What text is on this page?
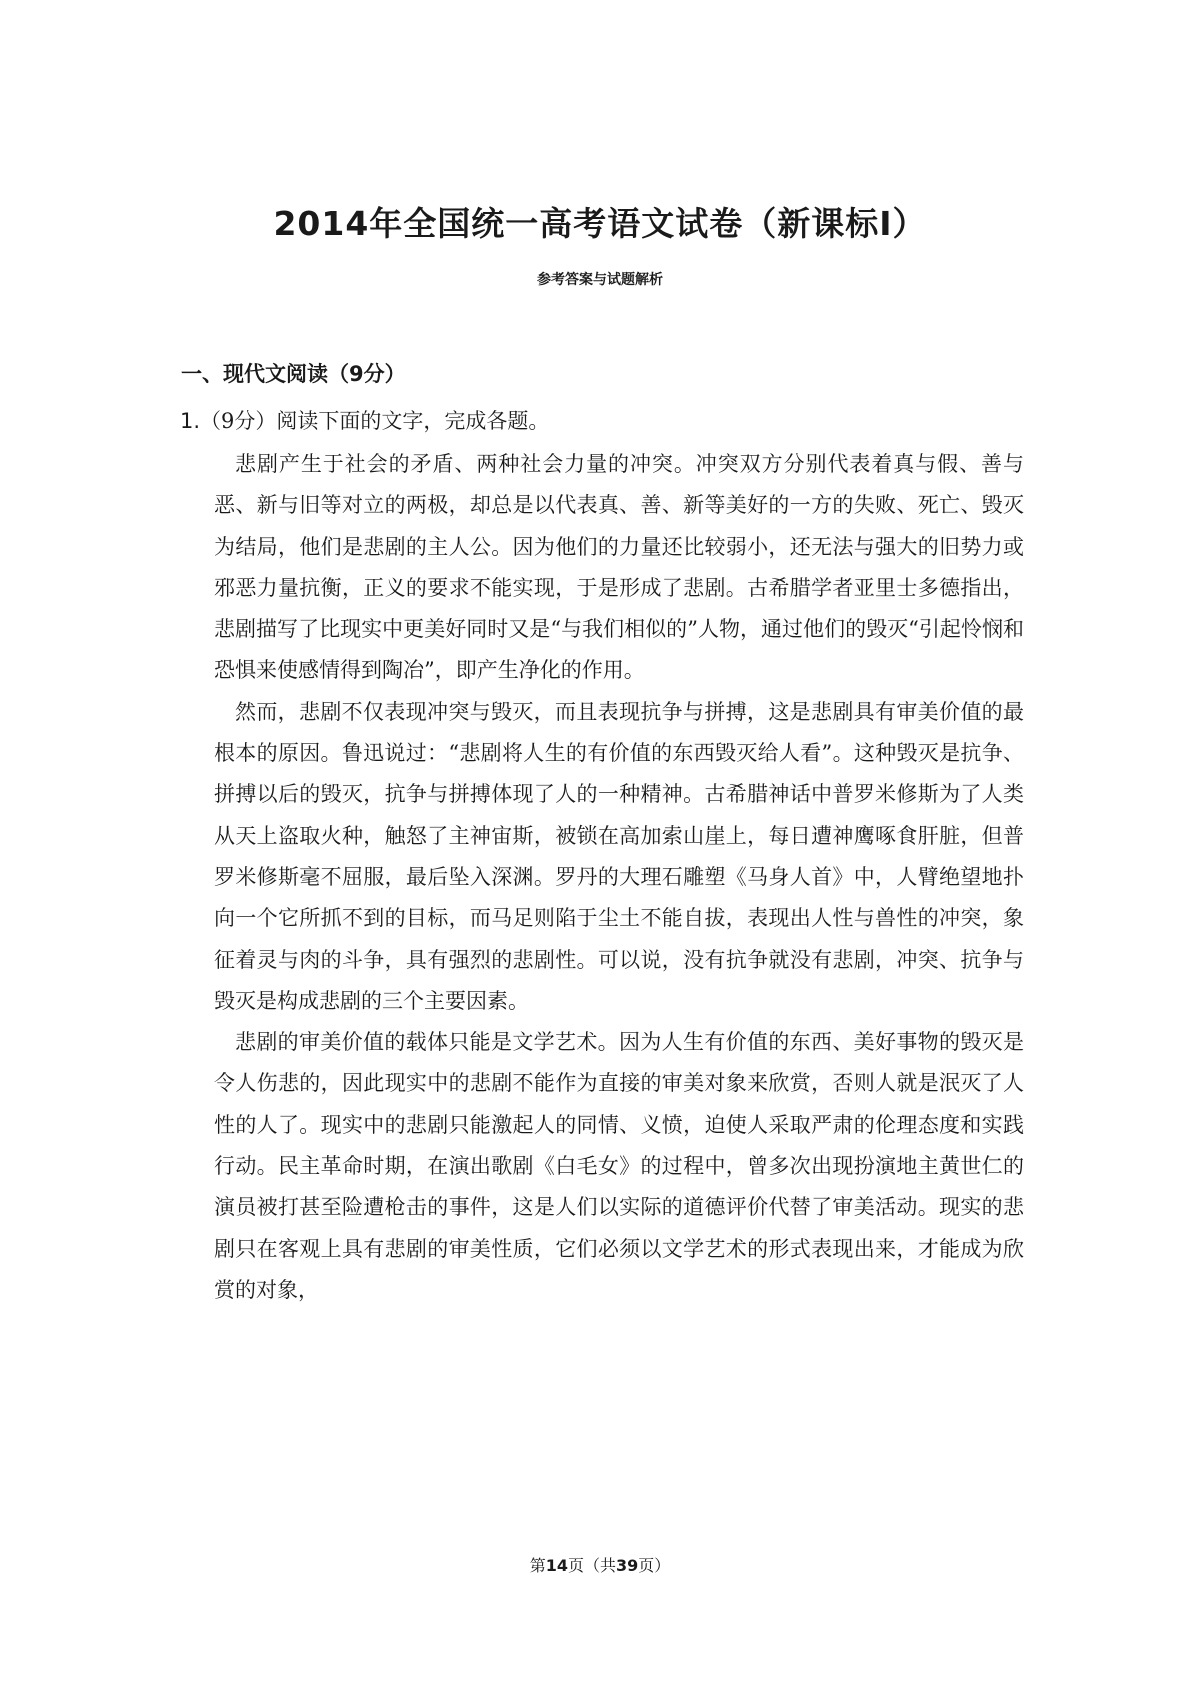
2014年全国统一高考语文试卷（新课标Ⅰ）
参考答案与试题解析
一、现代文阅读（9分）
1.（9分）阅读下面的文字，完成各题。

悲剧产生于社会的矛盾、两种社会力量的冲突。冲突双方分别代表着真与假、善与恶、新与旧等对立的两极，却总是以代表真、善、新等美好的一方的失败、死亡、毁灭为结局，他们是悲剧的主人公。因为他们的力量还比较弱小，还无法与强大的旧势力或邪恶力量抗衡，正义的要求不能实现，于是形成了悲剧。古希腊学者亚里士多德指出，悲剧描写了比现实中更美好同时又是“与我们相似的”人物，通过他们的毁灭“引起怜悯和恐惧来使感情得到陶冶”，即产生净化的作用。

然而，悲剧不仅表现冲突与毁灭，而且表现抗争与拼搏，这是悲剧具有审美价值的最根本的原因。鲁迅说过：“悲剧将人生的有价值的东西毁灭给人看”。这种毁灭是抗争、拼搏以后的毁灭，抗争与拼搏体现了人的一种精神。古希腊神话中普罗米修斯为了人类从天上盗取火种，触怒了主神宙斯，被锁在高加索山崖上，每日遭神鹰啄食肝脏，但普罗米修斯毫不屈服，最后坠入深渊。罗丹的大理石雕塑《马身人首》中，人臂绝望地扑向一个它所抓不到的目标，而马足则陷于尘土不能自拔，表现出人性与兽性的冲突，象征着灵与肉的斗争，具有强烈的悲剧性。可以说，没有抗争就没有悲剧，冲突、抗争与毁灭是构成悲剧的三个主要因素。

悲剧的审美价值的载体只能是文学艺术。因为人生有价值的东西、美好事物的毁灭是令人伤悲的，因此现实中的悲剧不能作为直接的审美对象来欣赏，否则人就是泯灭了人性的人了。现实中的悲剧只能激起人的同情、义愤，迫使人采取严肃的伦理态度和实践行动。民主革命时期，在演出歌剧《白毛女》的过程中，曾多次出现扮演地主黄世仁的演员被打甚至险遭枪击的事件，这是人们以实际的道德评价代替了审美活动。现实的悲剧只在客观上具有悲剧的审美性质，它们必须以文学艺术的形式表现出来，才能成为欣赏的对象，

第14页（共39页）
